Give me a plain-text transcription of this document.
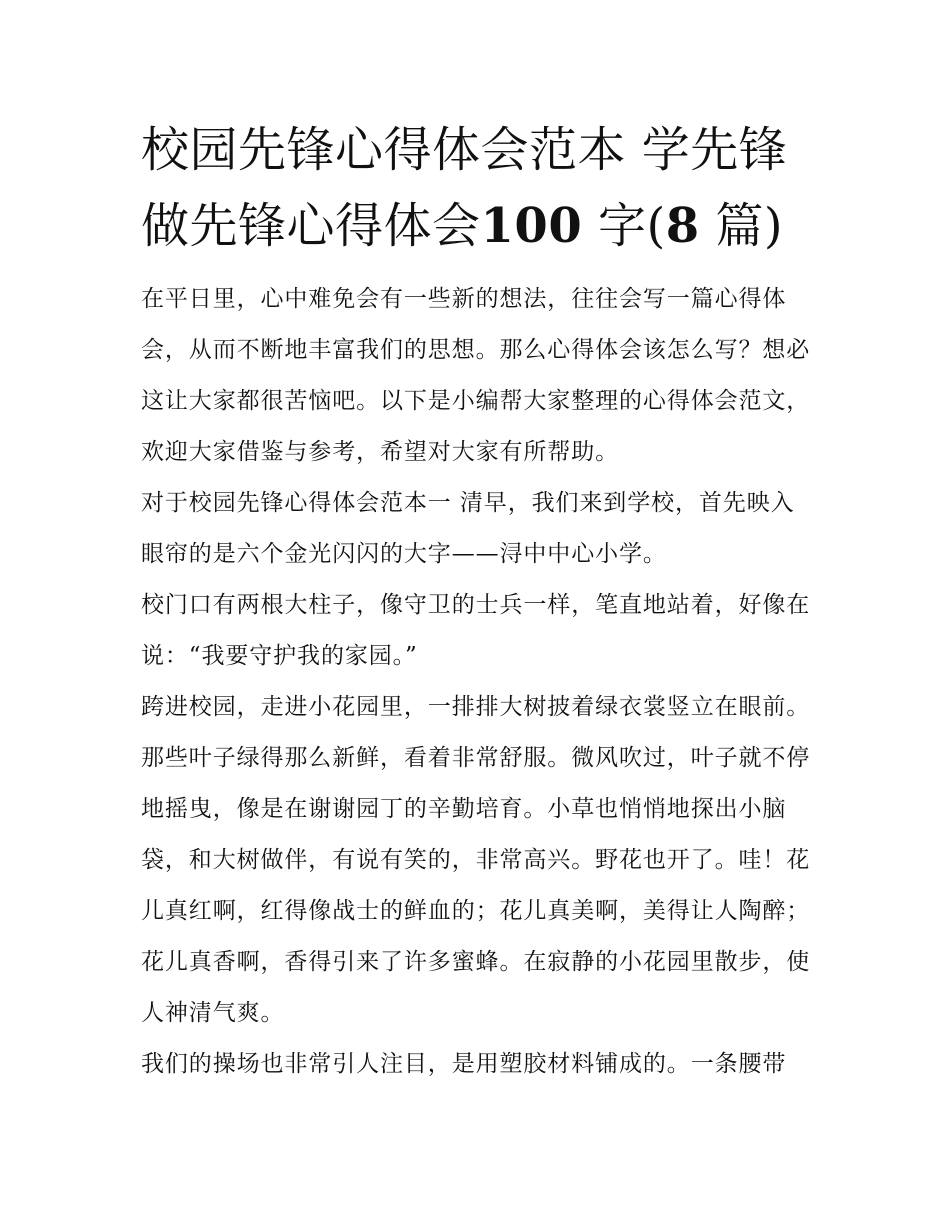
校园先锋心得体会范本 学先锋做先锋心得体会100 字(8 篇)

在平日里，心中难免会有一些新的想法，往往会写一篇心得体会，从而不断地丰富我们的思想。那么心得体会该怎么写？想必这让大家都很苦恼吧。以下是小编帮大家整理的心得体会范文，欢迎大家借鉴与参考，希望对大家有所帮助。

对于校园先锋心得体会范本一 清早，我们来到学校，首先映入眼帘的是六个金光闪闪的大字——浔中中心小学。

校门口有两根大柱子，像守卫的士兵一样，笔直地站着，好像在说：“我要守护我的家园。”

跨进校园，走进小花园里，一排排大树披着绿衣裳竖立在眼前。那些叶子绿得那么新鲜，看着非常舒服。微风吹过，叶子就不停地摇曳，像是在谢谢园丁的辛勤培育。小草也悄悄地探出小脑袋，和大树做伴，有说有笑的，非常高兴。野花也开了。哇！花儿真红啊，红得像战士的鲜血的；花儿真美啊，美得让人陶醉；花儿真香啊，香得引来了许多蜜蜂。在寂静的小花园里散步，使人神清气爽。

我们的操场也非常引人注目，是用塑胶材料铺成的。一条腰带
